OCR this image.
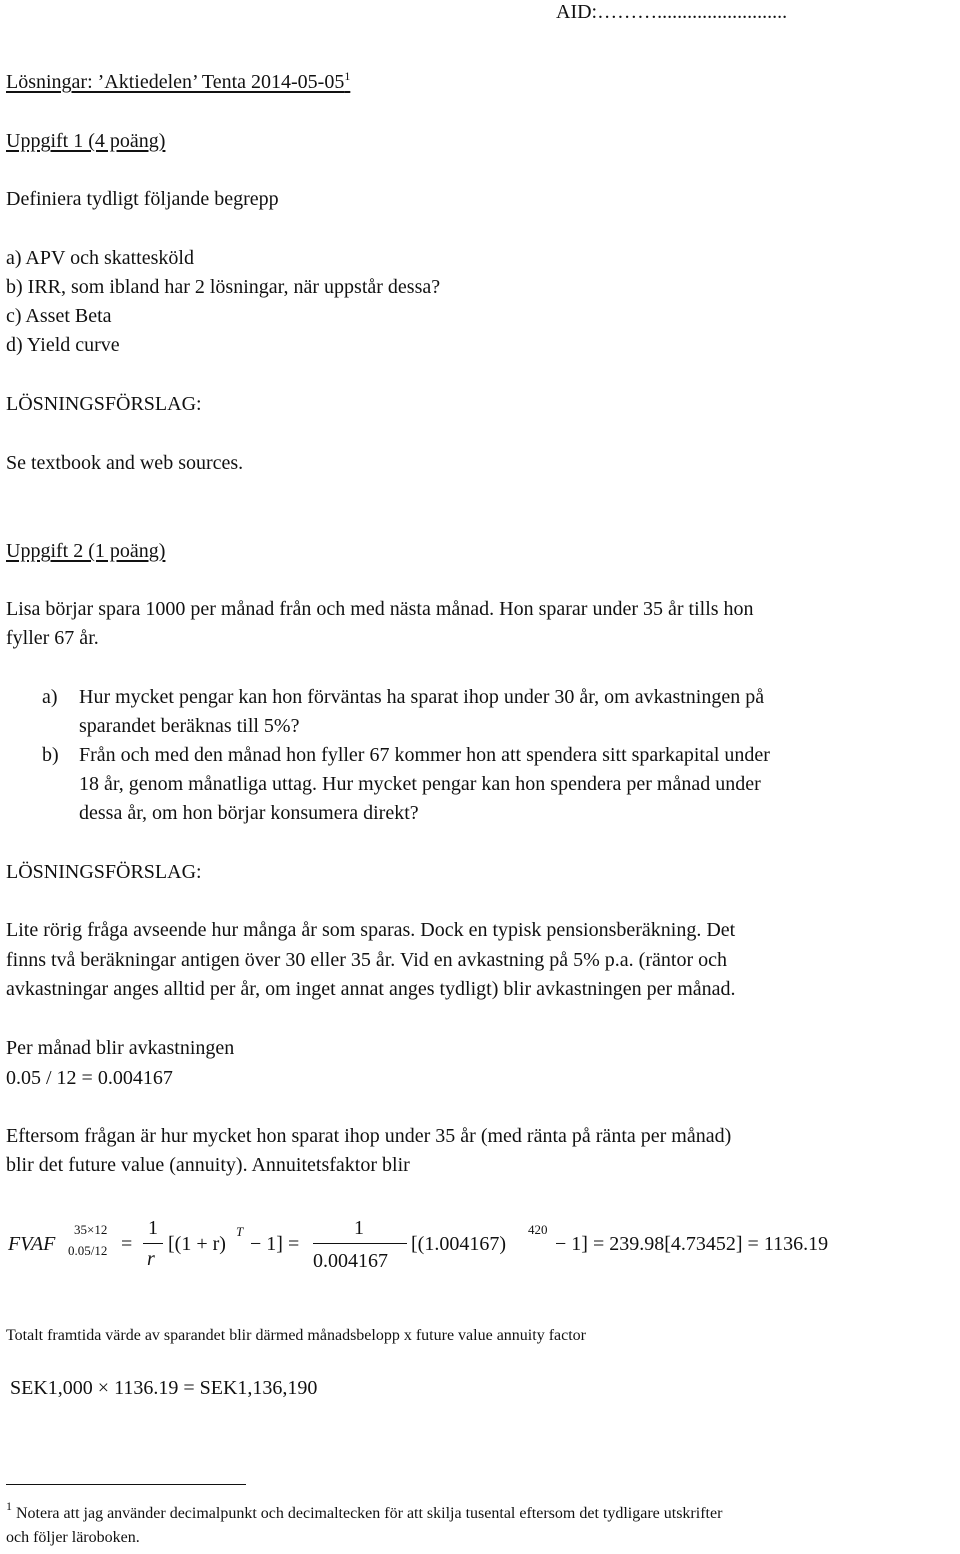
AID:………..........................
Lösningar: ’Aktiedelen’ Tenta 2014-05-05$^1$
Uppgift 1 (4 poäng)
Definiera tydligt följande begrepp
a) APV och skattesköld
b) IRR, som ibland har 2 lösningar, när uppstår dessa?
c) Asset Beta
d) Yield curve
LÖSNINGSFÖRSLAG:
Se textbook and web sources.
Uppgift 2 (1 poäng)
Lisa börjar spara 1000 per månad från och med nästa månad. Hon sparar under 35 år tills hon
fyller 67 år.
a) Hur mycket pengar kan hon förväntas ha sparat ihop under 30 år, om avkastningen på
sparandet beräknas till 5%?
b) Från och med den månad hon fyller 67 kommer hon att spendera sitt sparkapital under
18 år, genom månatliga uttag. Hur mycket pengar kan hon spendera per månad under
dessa år, om hon börjar konsumera direkt?
LÖSNINGSFÖRSLAG:
Lite rörig fråga avseende hur många år som sparas. Dock en typisk pensionsberäkning. Det
finns två beräkningar antigen över 30 eller 35 år. Vid en avkastning på 5% p.a. (räntor och
avkastningar anges alltid per år, om inget annat anges tydligt) blir avkastningen per månad.
Per månad blir avkastningen
0.05 / 12 = 0.004167
Eftersom frågan är hur mycket hon sparat ihop under 35 år (med ränta på ränta per månad)
blir det future value (annuity). Annuitetsfaktor blir
FVAF
35×12
0.05/12 =
1
r
[(1 + r)
T
− 1] =
1
0.004167
[(1.004167)
420
− 1] = 239.98[4.73452] = 1136.19
Totalt framtida värde av sparandet blir därmed månadsbelopp x future value annuity factor
SEK1,000 × 1136.19 = SEK1,136,190
$^1$ Notera att jag använder decimalpunkt och decimaltecken för att skilja tusental eftersom det tydligare utskrifter
och följer läroboken.
